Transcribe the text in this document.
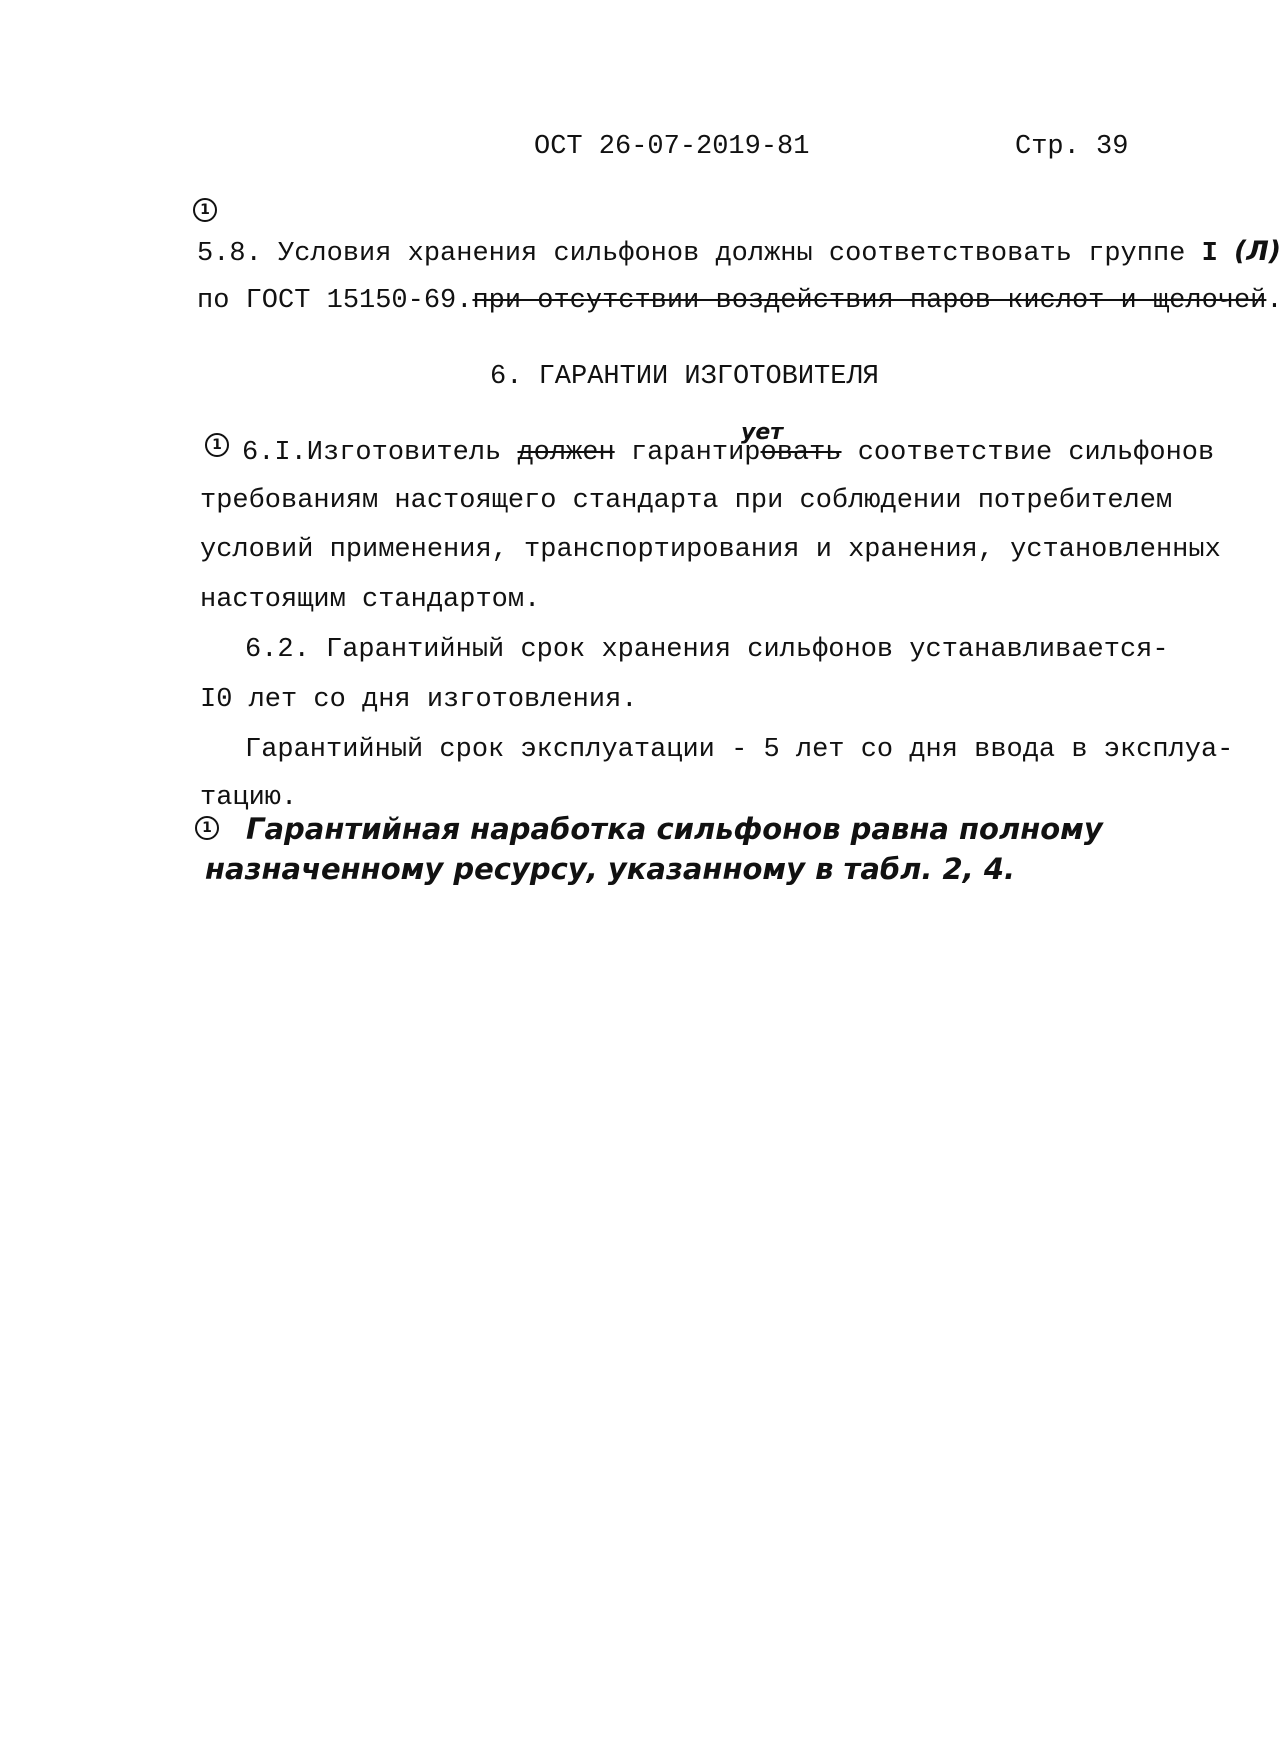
ОСТ 26-07-2019-81	Стр. 39
1
5.8. Условия хранения сильфонов должны соответствовать группе I (Л)
по ГОСТ 15150-69.при отсутствии воздействия паров кислот и щелочей.
6. ГАРАНТИИ ИЗГОТОВИТЕЛЯ
1	ует
6.I.Изготовитель должен гарантировать соответствие сильфонов
требованиям настоящего стандарта при соблюдении потребителем
условий применения, транспортирования и хранения, установленных
настоящим стандартом.
6.2. Гарантийный срок хранения сильфонов устанавливается-
I0 лет со дня изготовления.
Гарантийный срок эксплуатации - 5 лет со дня ввода в эксплуа-
тацию.
1 Гарантийная наработка сильфонов равна полному
назначенному ресурсу, указанному в табл. 2, 4.
